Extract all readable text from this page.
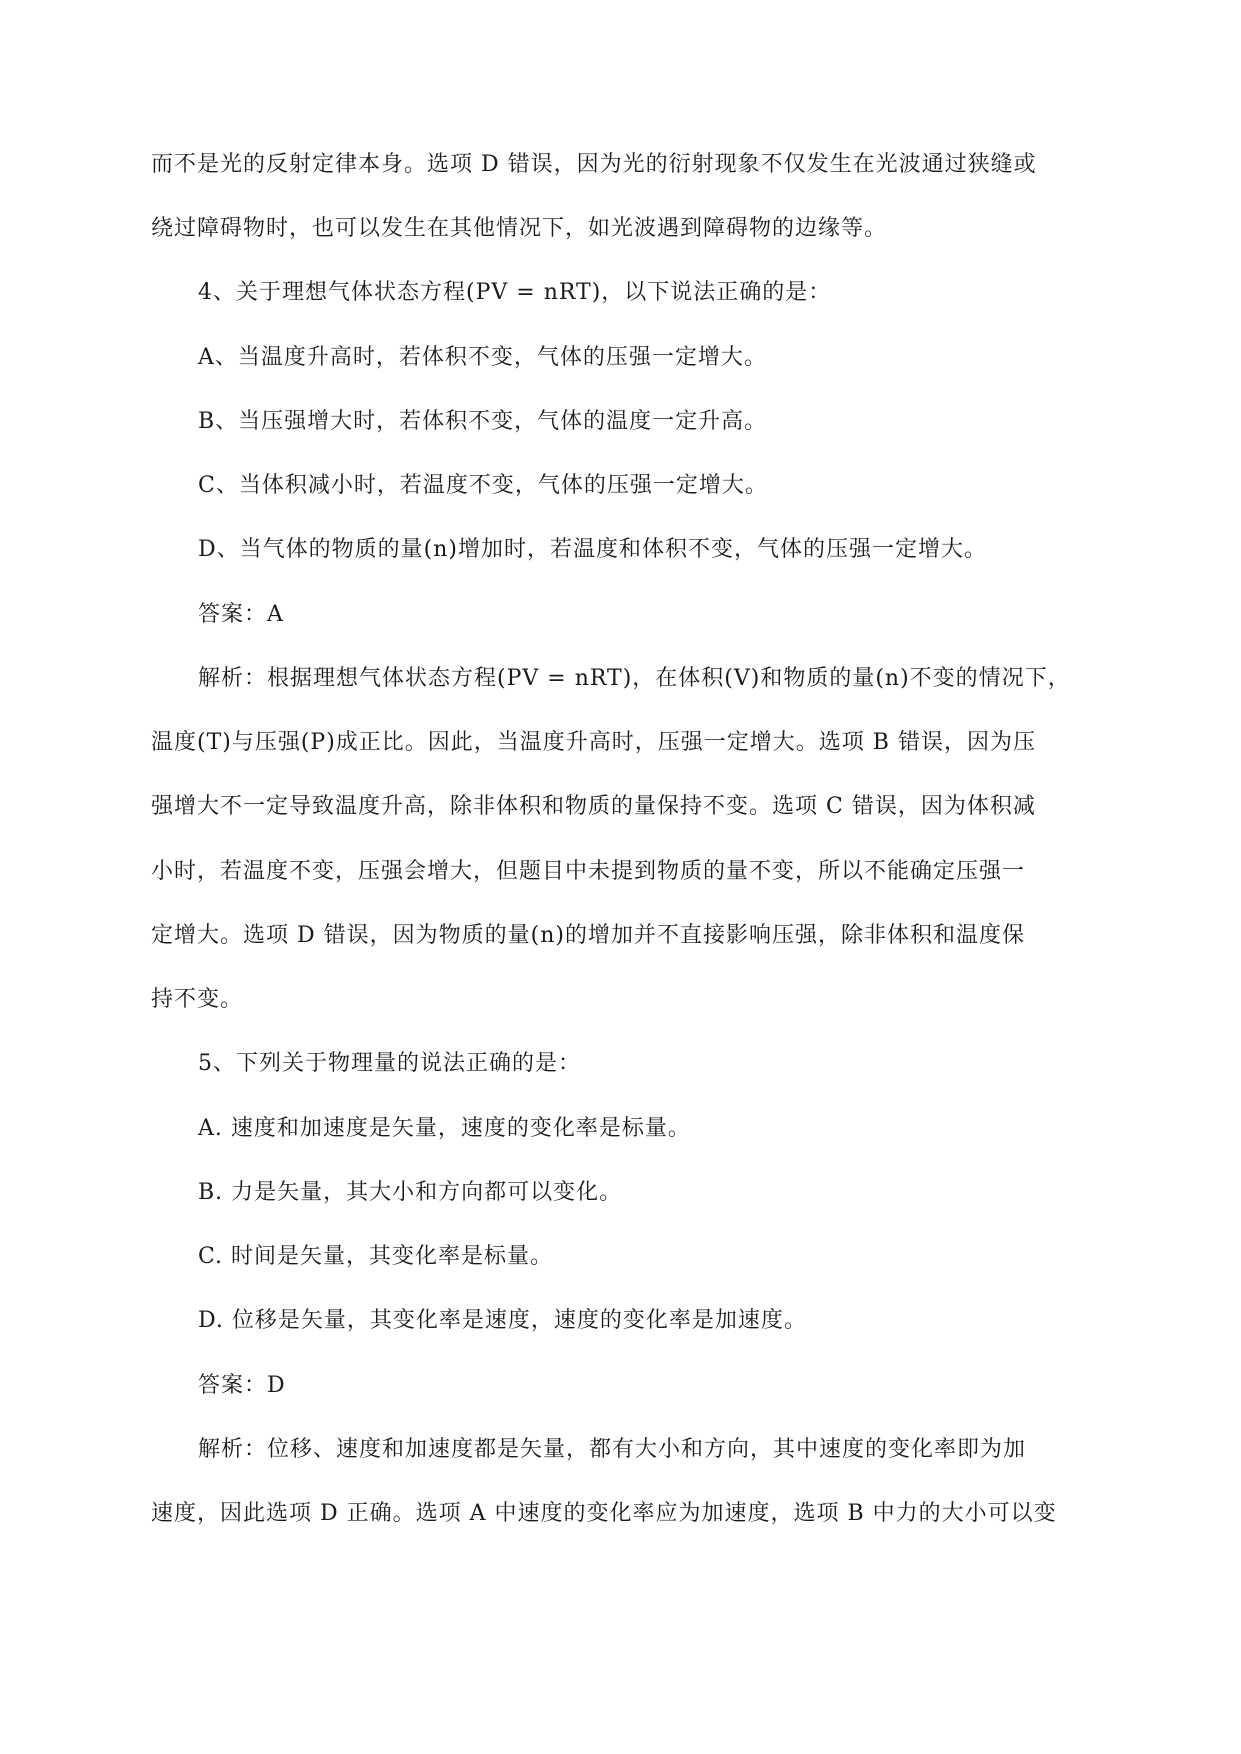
而不是光的反射定律本身。选项 D 错误，因为光的衍射现象不仅发生在光波通过狭缝或
绕过障碍物时，也可以发生在其他情况下，如光波遇到障碍物的边缘等。
4、关于理想气体状态方程(PV = nRT)，以下说法正确的是：
A、当温度升高时，若体积不变，气体的压强一定增大。
B、当压强增大时，若体积不变，气体的温度一定升高。
C、当体积减小时，若温度不变，气体的压强一定增大。
D、当气体的物质的量(n)增加时，若温度和体积不变，气体的压强一定增大。
答案：A
解析：根据理想气体状态方程(PV = nRT)，在体积(V)和物质的量(n)不变的情况下，
温度(T)与压强(P)成正比。因此，当温度升高时，压强一定增大。选项 B 错误，因为压
强增大不一定导致温度升高，除非体积和物质的量保持不变。选项 C 错误，因为体积减
小时，若温度不变，压强会增大，但题目中未提到物质的量不变，所以不能确定压强一
定增大。选项 D 错误，因为物质的量(n)的增加并不直接影响压强，除非体积和温度保
持不变。
5、下列关于物理量的说法正确的是：
A. 速度和加速度是矢量，速度的变化率是标量。
B. 力是矢量，其大小和方向都可以变化。
C. 时间是矢量，其变化率是标量。
D. 位移是矢量，其变化率是速度，速度的变化率是加速度。
答案：D
解析：位移、速度和加速度都是矢量，都有大小和方向，其中速度的变化率即为加
速度，因此选项 D 正确。选项 A 中速度的变化率应为加速度，选项 B 中力的大小可以变
